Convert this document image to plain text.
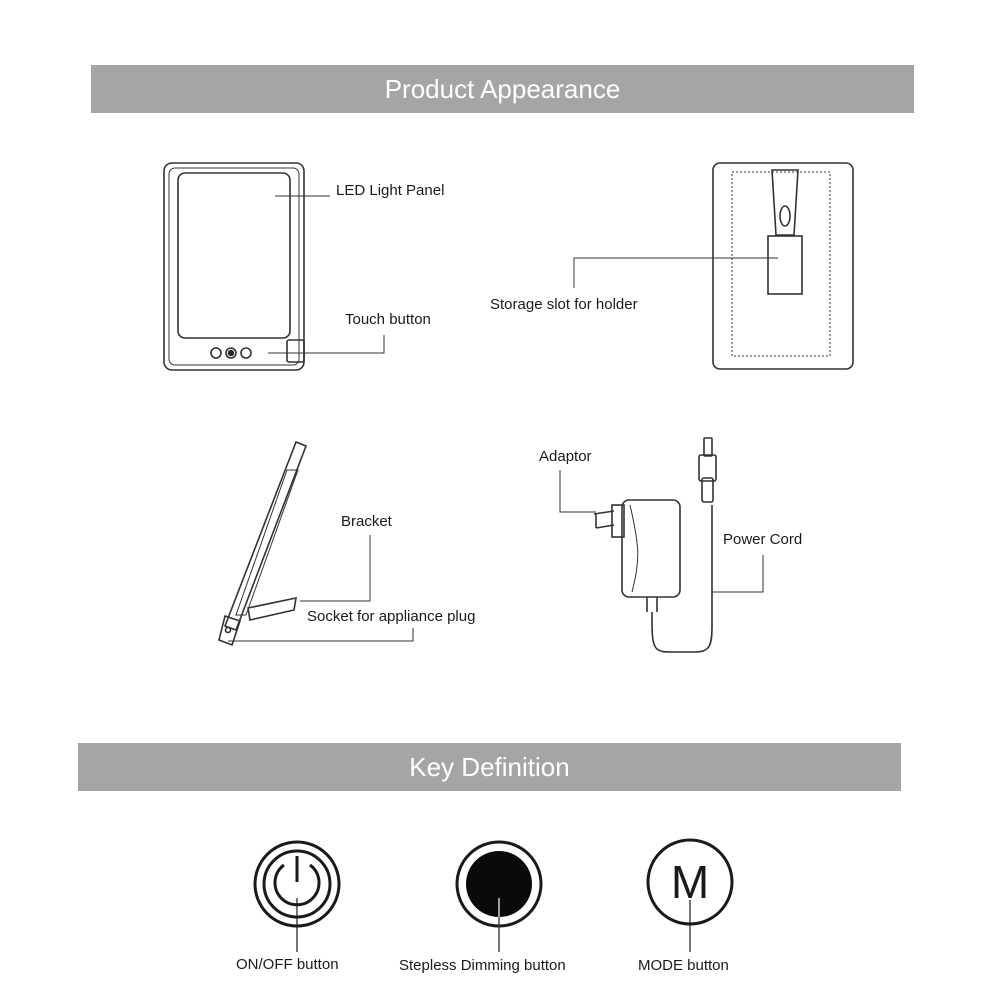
Product Appearance
Key Definition
LED Light Panel
Touch button
Storage slot for holder
Bracket
Socket for appliance plug
Adaptor
Power Cord
M
ON/OFF button	Stepless Dimming button	MODE button
